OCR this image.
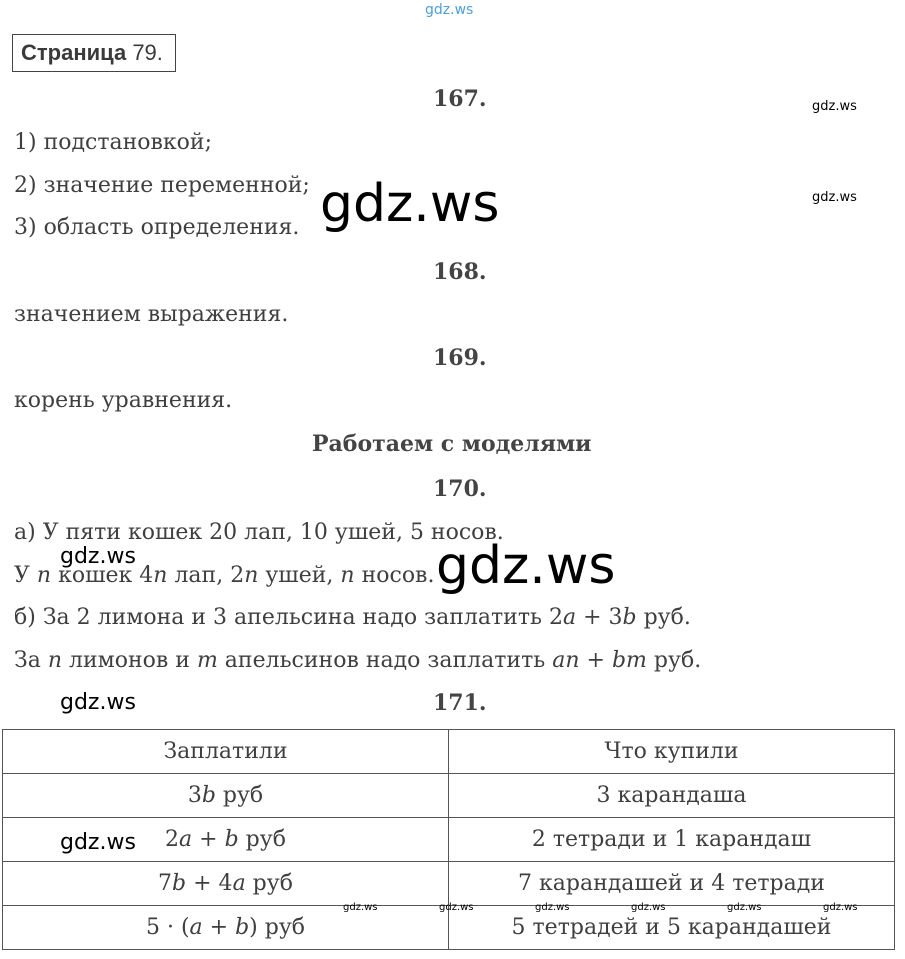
gdz.ws
gdz.ws
gdz.ws
gdz.ws
gdz.ws	gdz.ws
gdz.ws
gdz.ws
gdz.ws	gdz.ws	gdz.ws	gdz.ws	gdz.ws	gdz.ws
Страница 79.
167.
1) подстановкой;
2) значение переменной;
3) область определения.
168.
значением выражения.
169.
корень уравнения.
Работаем с моделями
170.
а) У пяти кошек 20 лап, 10 ушей, 5 носов.
У n кошек 4n лап, 2n ушей, n носов.
б) За 2 лимона и 3 апельсина надо заплатить 2a + 3b руб.
За n лимонов и m апельсинов надо заплатить an + bm руб.
171.
Заплатили	Что купили
3b руб	3 карандаша
2a + b руб	2 тетради и 1 карандаш
7b + 4a руб	7 карандашей и 4 тетради
5 · (a + b) руб	5 тетрадей и 5 карандашей
